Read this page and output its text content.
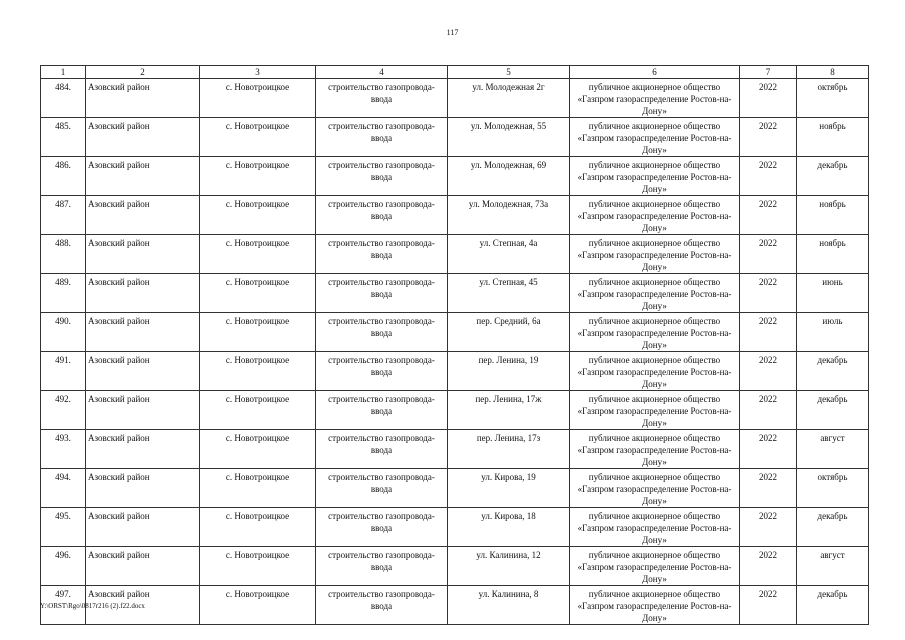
117
1	2	3	4	5	6	7	8
484.	Азовский район	с. Новотроицкое	строительство газопровода-ввода	ул. Молодежная 2г	публичное акционерное общество «Газпром газораспределение Ростов-на-Дону»	2022	октябрь
485.	Азовский район	с. Новотроицкое	строительство газопровода-ввода	ул. Молодежная, 55	публичное акционерное общество «Газпром газораспределение Ростов-на-Дону»	2022	ноябрь
486.	Азовский район	с. Новотроицкое	строительство газопровода-ввода	ул. Молодежная, 69	публичное акционерное общество «Газпром газораспределение Ростов-на-Дону»	2022	декабрь
487.	Азовский район	с. Новотроицкое	строительство газопровода-ввода	ул. Молодежная, 73а	публичное акционерное общество «Газпром газораспределение Ростов-на-Дону»	2022	ноябрь
488.	Азовский район	с. Новотроицкое	строительство газопровода-ввода	ул. Степная, 4а	публичное акционерное общество «Газпром газораспределение Ростов-на-Дону»	2022	ноябрь
489.	Азовский район	с. Новотроицкое	строительство газопровода-ввода	ул. Степная, 45	публичное акционерное общество «Газпром газораспределение Ростов-на-Дону»	2022	июнь
490.	Азовский район	с. Новотроицкое	строительство газопровода-ввода	пер. Средний, 6а	публичное акционерное общество «Газпром газораспределение Ростов-на-Дону»	2022	июль
491.	Азовский район	с. Новотроицкое	строительство газопровода-ввода	пер. Ленина, 19	публичное акционерное общество «Газпром газораспределение Ростов-на-Дону»	2022	декабрь
492.	Азовский район	с. Новотроицкое	строительство газопровода-ввода	пер. Ленина, 17ж	публичное акционерное общество «Газпром газораспределение Ростов-на-Дону»	2022	декабрь
493.	Азовский район	с. Новотроицкое	строительство газопровода-ввода	пер. Ленина, 17з	публичное акционерное общество «Газпром газораспределение Ростов-на-Дону»	2022	август
494.	Азовский район	с. Новотроицкое	строительство газопровода-ввода	ул. Кирова, 19	публичное акционерное общество «Газпром газораспределение Ростов-на-Дону»	2022	октябрь
495.	Азовский район	с. Новотроицкое	строительство газопровода-ввода	ул. Кирова, 18	публичное акционерное общество «Газпром газораспределение Ростов-на-Дону»	2022	декабрь
496.	Азовский район	с. Новотроицкое	строительство газопровода-ввода	ул. Калинина, 12	публичное акционерное общество «Газпром газораспределение Ростов-на-Дону»	2022	август
497.	Азовский район	с. Новотроицкое	строительство газопровода-ввода	ул. Калинина, 8	публичное акционерное общество «Газпром газораспределение Ростов-на-Дону»	2022	декабрь
Y:\ORST\Rgo\0817r216 (2).f22.docx
